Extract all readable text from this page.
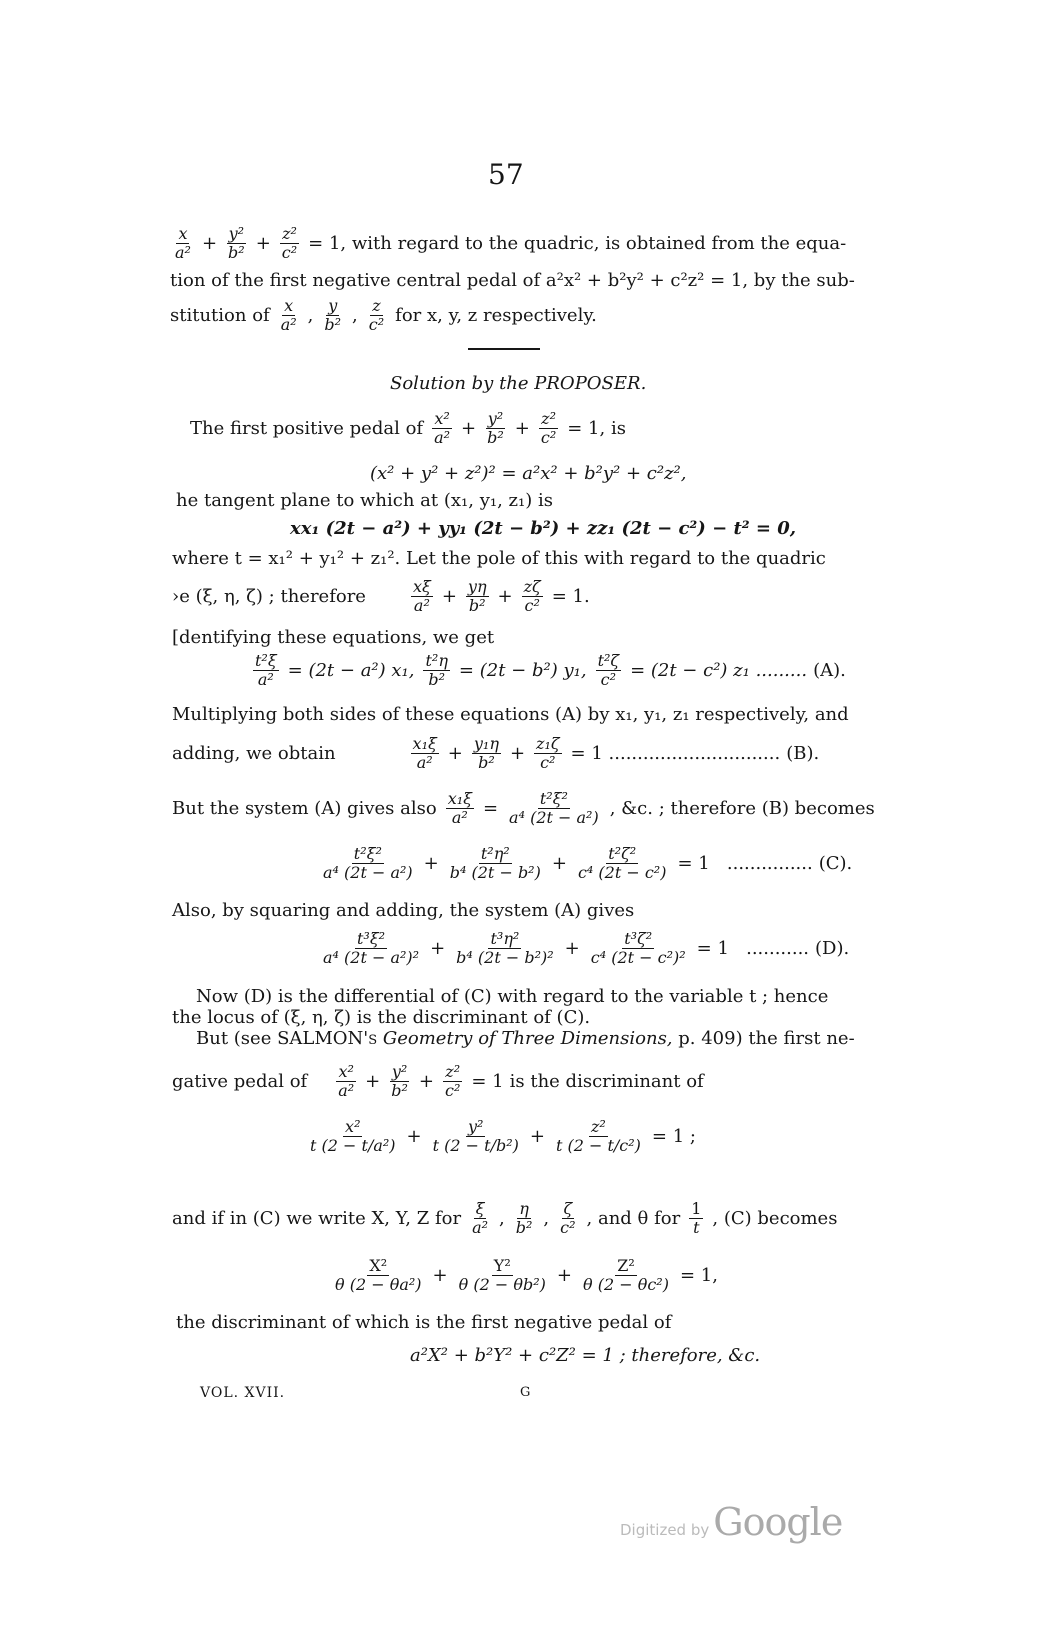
57
$\frac{x}{\text{a²}} + \frac{\text{y²}}{\text{b²}} + \frac{\text{z²}}{\text{c²}} = 1$, with regard to the quadric, is obtained from the equa-
tion of the first negative central pedal of a²x² + b²y² + c²z² = 1, by the sub-
stitution of $\frac{x}{\text{a²}}$ , $\frac{y}{\text{b²}}$ , $\frac{z}{\text{c²}}$ for x, y, z respectively.
Solution by the PROPOSER.
The first positive pedal of $\frac{\text{x²}}{\text{a²}} + \frac{\text{y²}}{\text{b²}} + \frac{\text{z²}}{\text{c²}} = 1$, is
(x² + y² + z²)² = a²x² + b²y² + c²z²,
he tangent plane to which at (x₁, y₁, z₁) is
xx₁ (2t − a²) + yy₁ (2t − b²) + zz₁ (2t − c²) − t² = 0,
where t = x₁² + y₁² + z₁². Let the pole of this with regard to the quadric
›e (ξ, η, ζ) ; therefore	$\frac{x\xi}{\text{a²}} + \frac{y\eta}{\text{b²}} + \frac{z\zeta}{\text{c²}} = 1$.
[dentifying these equations, we get
$\frac{\text{t²ξ}}{\text{a²}} = (2t - a^2)$ x₁, $\frac{\text{t²η}}{\text{b²}} = (2t - b^2)$ y₁, $\frac{\text{t²ζ}}{\text{c²}} = (2t - c^2)$ z₁ ......... (A).
Multiplying both sides of these equations (A) by x₁, y₁, z₁ respectively, and
adding, we obtain	$\frac{\text{x₁ξ}}{\text{a²}} + \frac{\text{y₁η}}{\text{b²}} + \frac{\text{z₁ζ}}{\text{c²}} = 1$ .............................. (B).
But the system (A) gives also $\frac{\text{x₁ξ}}{\text{a²}} = \frac{\text{t²ξ²}}{\text{a⁴ (2t − a²)}}$ , &c. ; therefore (B) becomes
$\frac{\text{t²ξ²}}{\text{a⁴ (2t − a²)}} + \frac{\text{t²η²}}{\text{b⁴ (2t − b²)}} + \frac{\text{t²ζ²}}{\text{c⁴ (2t − c²)}} = 1$   ............... (C).
Also, by squaring and adding, the system (A) gives
$\frac{\text{t³ξ²}}{\text{a⁴ (2t − a²)²}} + \frac{\text{t³η²}}{\text{b⁴ (2t − b²)²}} + \frac{\text{t³ζ²}}{\text{c⁴ (2t − c²)²}} = 1$   ........... (D).
Now (D) is the differential of (C) with regard to the variable t ; hence
the locus of (ξ, η, ζ) is the discriminant of (C).
But (see SALMON's Geometry of Three Dimensions, p. 409) the first ne-
gative pedal of $\frac{\text{x²}}{\text{a²}} + \frac{\text{y²}}{\text{b²}} + \frac{\text{z²}}{\text{c²}} = 1$ is the discriminant of
$\frac{\text{x²}}{\text{t (2 − t/a²)}} + \frac{\text{y²}}{\text{t (2 − t/b²)}} + \frac{\text{z²}}{\text{t (2 − t/c²)}} = 1$ ;
and if in (C) we write X, Y, Z for $\frac{\xi}{\text{a²}}$ , $\frac{\eta}{\text{b²}}$ , $\frac{\zeta}{\text{c²}}$ , and θ for $\frac{1}{t}$ , (C) becomes
$\frac{\text{X²}}{\text{θ (2 − θa²)}} + \frac{\text{Y²}}{\text{θ (2 − θb²)}} + \frac{\text{Z²}}{\text{θ (2 − θc²)}} = 1$,
the discriminant of which is the first negative pedal of
a²X² + b²Y² + c²Z² = 1 ; therefore, &c.
VOL. XVII.	G
Digitized by Google
